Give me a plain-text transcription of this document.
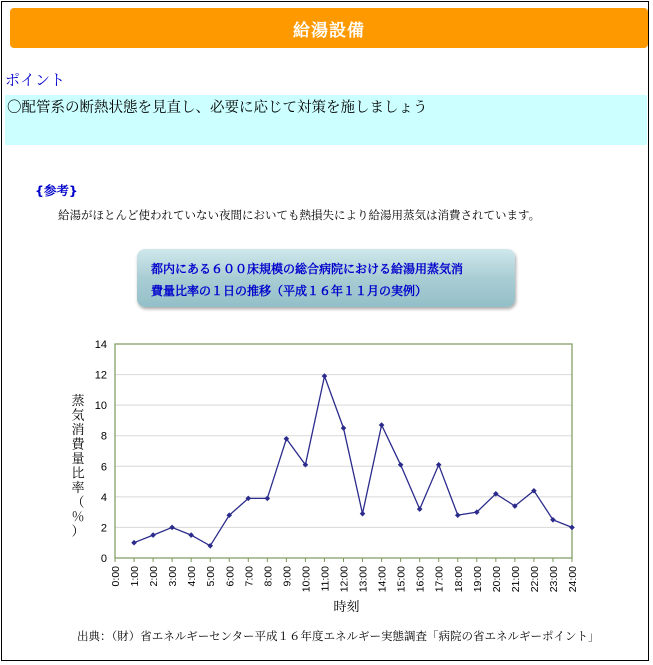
給湯設備
ポイント
〇配管系の断熱状態を見直し、必要に応じて対策を施しましょう
{参考}
給湯がほとんど使われていない夜間においても熱損失により給湯用蒸気は消費されています。
都内にある６００床規模の総合病院における給湯用蒸気消
費量比率の１日の推移（平成１６年１１月の実例）
0
2
4
6
8
10
12
14
0:00 1:00 2:00 3:00 4:00 5:00 6:00 7:00 8:00 9:00 10:00 11:00 12:00 13:00 14:00 15:00 16:00 17:00 18:00 19:00 20:00 21:00 22:00 23:00 24:00
時刻
蒸
気
消
費
量
比
率
（
％
）
出典：（財）省エネルギーセンター平成１６年度エネルギー実態調査「病院の省エネルギーポイント」
